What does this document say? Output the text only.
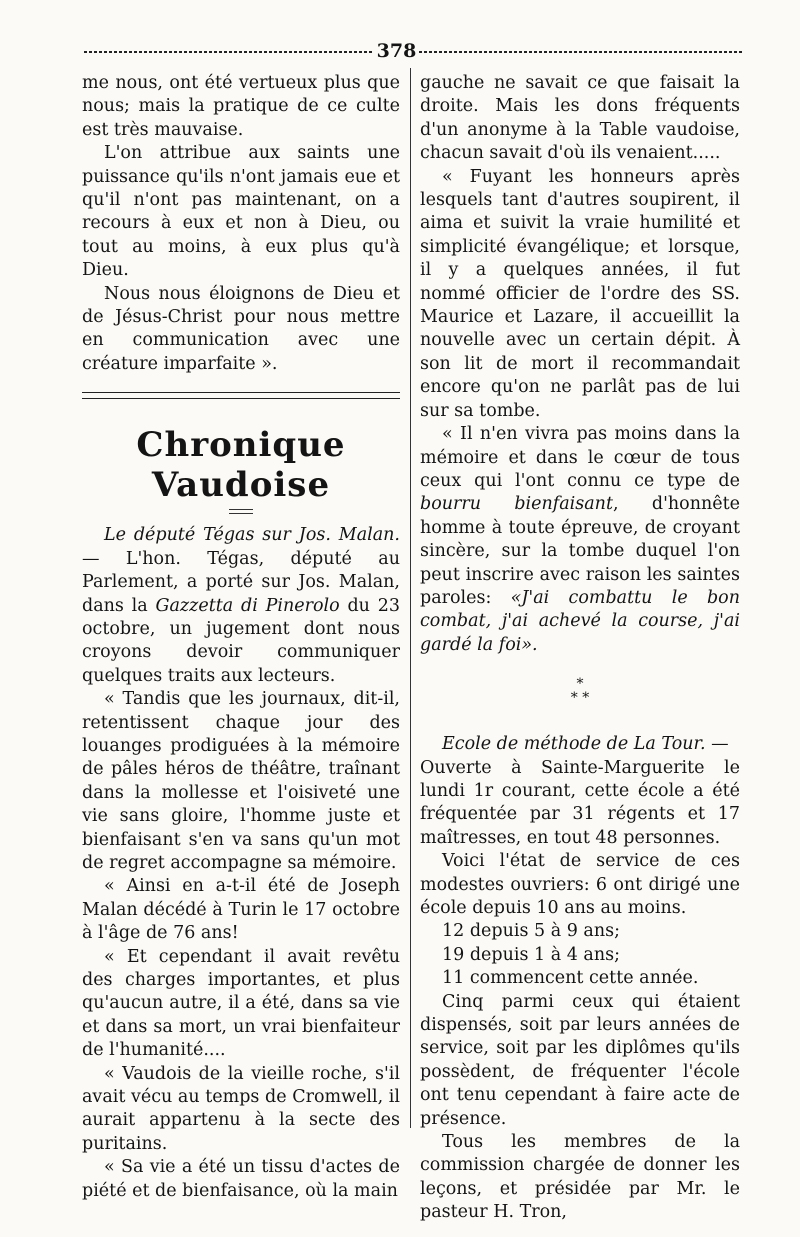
378

me nous, ont été vertueux plus que nous; mais la pratique de ce culte est très mauvaise.

L'on attribue aux saints une puissance qu'ils n'ont jamais eue et qu'il n'ont pas maintenant, on a recours à eux et non à Dieu, ou tout au moins, à eux plus qu'à Dieu.

Nous nous éloignons de Dieu et de Jésus-Christ pour nous mettre en communication avec une créature imparfaite ».

Chronique Vaudoise

Le député Tégas sur Jos. Malan. — L'hon. Tégas, député au Parlement, a porté sur Jos. Malan, dans la Gazzetta di Pinerolo du 23 octobre, un jugement dont nous croyons devoir communiquer quelques traits aux lecteurs.

« Tandis que les journaux, dit-il, retentissent chaque jour des louanges prodiguées à la mémoire de pâles héros de théâtre, traînant dans la mollesse et l'oisiveté une vie sans gloire, l'homme juste et bienfaisant s'en va sans qu'un mot de regret accompagne sa mémoire.

« Ainsi en a-t-il été de Joseph Malan décédé à Turin le 17 octobre à l'âge de 76 ans!

« Et cependant il avait revêtu des charges importantes, et plus qu'aucun autre, il a été, dans sa vie et dans sa mort, un vrai bienfaiteur de l'humanité....

« Vaudois de la vieille roche, s'il avait vécu au temps de Cromwell, il aurait appartenu à la secte des puritains.

« Sa vie a été un tissu d'actes de piété et de bienfaisance, où la main

gauche ne savait ce que faisait la droite. Mais les dons fréquents d'un anonyme à la Table vaudoise, chacun savait d'où ils venaient.....

« Fuyant les honneurs après lesquels tant d'autres soupirent, il aima et suivit la vraie humilité et simplicité évangélique; et lorsque, il y a quelques années, il fut nommé officier de l'ordre des SS. Maurice et Lazare, il accueillit la nouvelle avec un certain dépit. À son lit de mort il recommandait encore qu'on ne parlât pas de lui sur sa tombe.

« Il n'en vivra pas moins dans la mémoire et dans le cœur de tous ceux qui l'ont connu ce type de bourru bienfaisant, d'honnête homme à toute épreuve, de croyant sincère, sur la tombe duquel l'on peut inscrire avec raison les saintes paroles: «J'ai combattu le bon combat, j'ai achevé la course, j'ai gardé la foi».

*
* *

Ecole de méthode de La Tour. —

Ouverte à Sainte-Marguerite le lundi 1r courant, cette école a été fréquentée par 31 régents et 17 maîtresses, en tout 48 personnes.

Voici l'état de service de ces modestes ouvriers: 6 ont dirigé une école depuis 10 ans au moins.

12 depuis 5 à 9 ans;

19 depuis 1 à 4 ans;

11 commencent cette année.

Cinq parmi ceux qui étaient dispensés, soit par leurs années de service, soit par les diplômes qu'ils possèdent, de fréquenter l'école ont tenu cependant à faire acte de présence.

Tous les membres de la commission chargée de donner les leçons, et présidée par Mr. le pasteur H. Tron,
